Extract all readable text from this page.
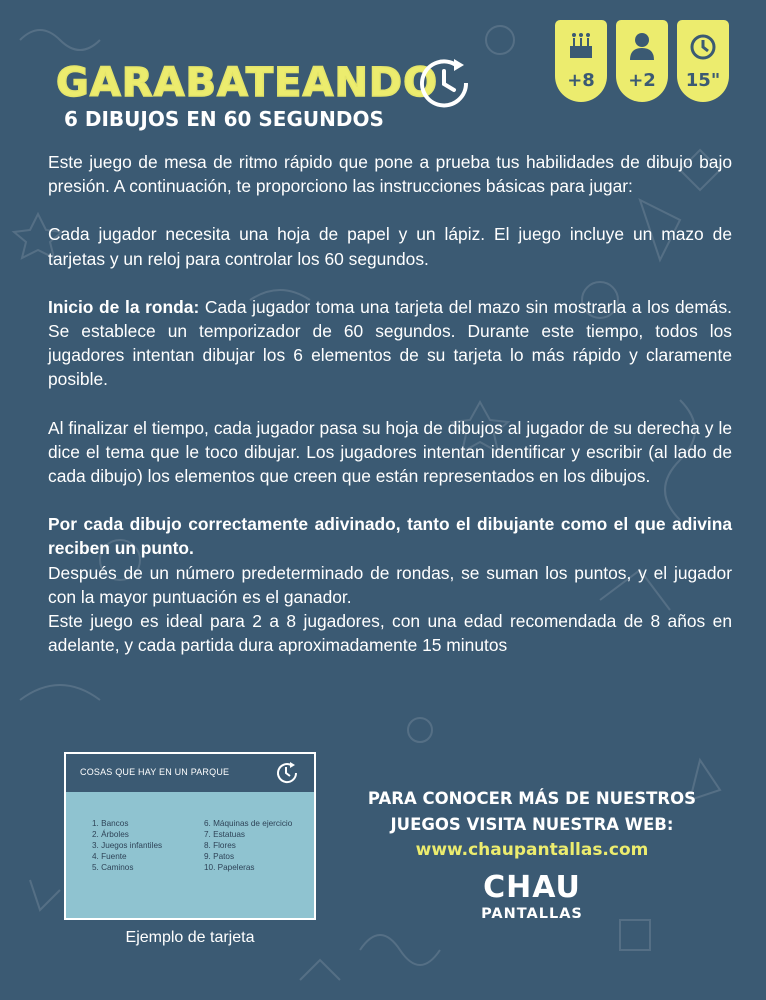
GARABATEANDO
6 DIBUJOS EN 60 SEGUNDOS
+8	+2	15"

Este juego de mesa de ritmo rápido que pone a prueba tus habilidades de dibujo bajo presión. A continuación, te proporciono las instrucciones básicas para jugar:

Cada jugador necesita una hoja de papel y un lápiz. El juego incluye un mazo de tarjetas y un reloj para controlar los 60 segundos.

Inicio de la ronda: Cada jugador toma una tarjeta del mazo sin mostrarla a los demás. Se establece un temporizador de 60 segundos. Durante este tiempo, todos los jugadores intentan dibujar los 6 elementos de su tarjeta lo más rápido y claramente posible.

Al finalizar el tiempo, cada jugador pasa su hoja de dibujos al jugador de su derecha y le dice el tema que le toco dibujar. Los jugadores intentan identificar y escribir (al lado de cada dibujo) los elementos que creen que están representados en los dibujos.

Por cada dibujo correctamente adivinado, tanto el dibujante como el que adivina reciben un punto.

Después de un número predeterminado de rondas, se suman los puntos, y el jugador con la mayor puntuación es el ganador.

Este juego es ideal para 2 a 8 jugadores, con una edad recomendada de 8 años en adelante, y cada partida dura aproximadamente 15 minutos

COSAS QUE HAY EN UN PARQUE
1. Bancos
2. Árboles
3. Juegos infantiles
4. Fuente
5. Caminos
6. Máquinas de ejercicio
7. Estatuas
8. Flores
9. Patos
10. Papeleras
Ejemplo de tarjeta
PARA CONOCER MÁS DE NUESTROS
JUEGOS VISITA NUESTRA WEB:
www.chaupantallas.com
CHAU
PANTALLAS
